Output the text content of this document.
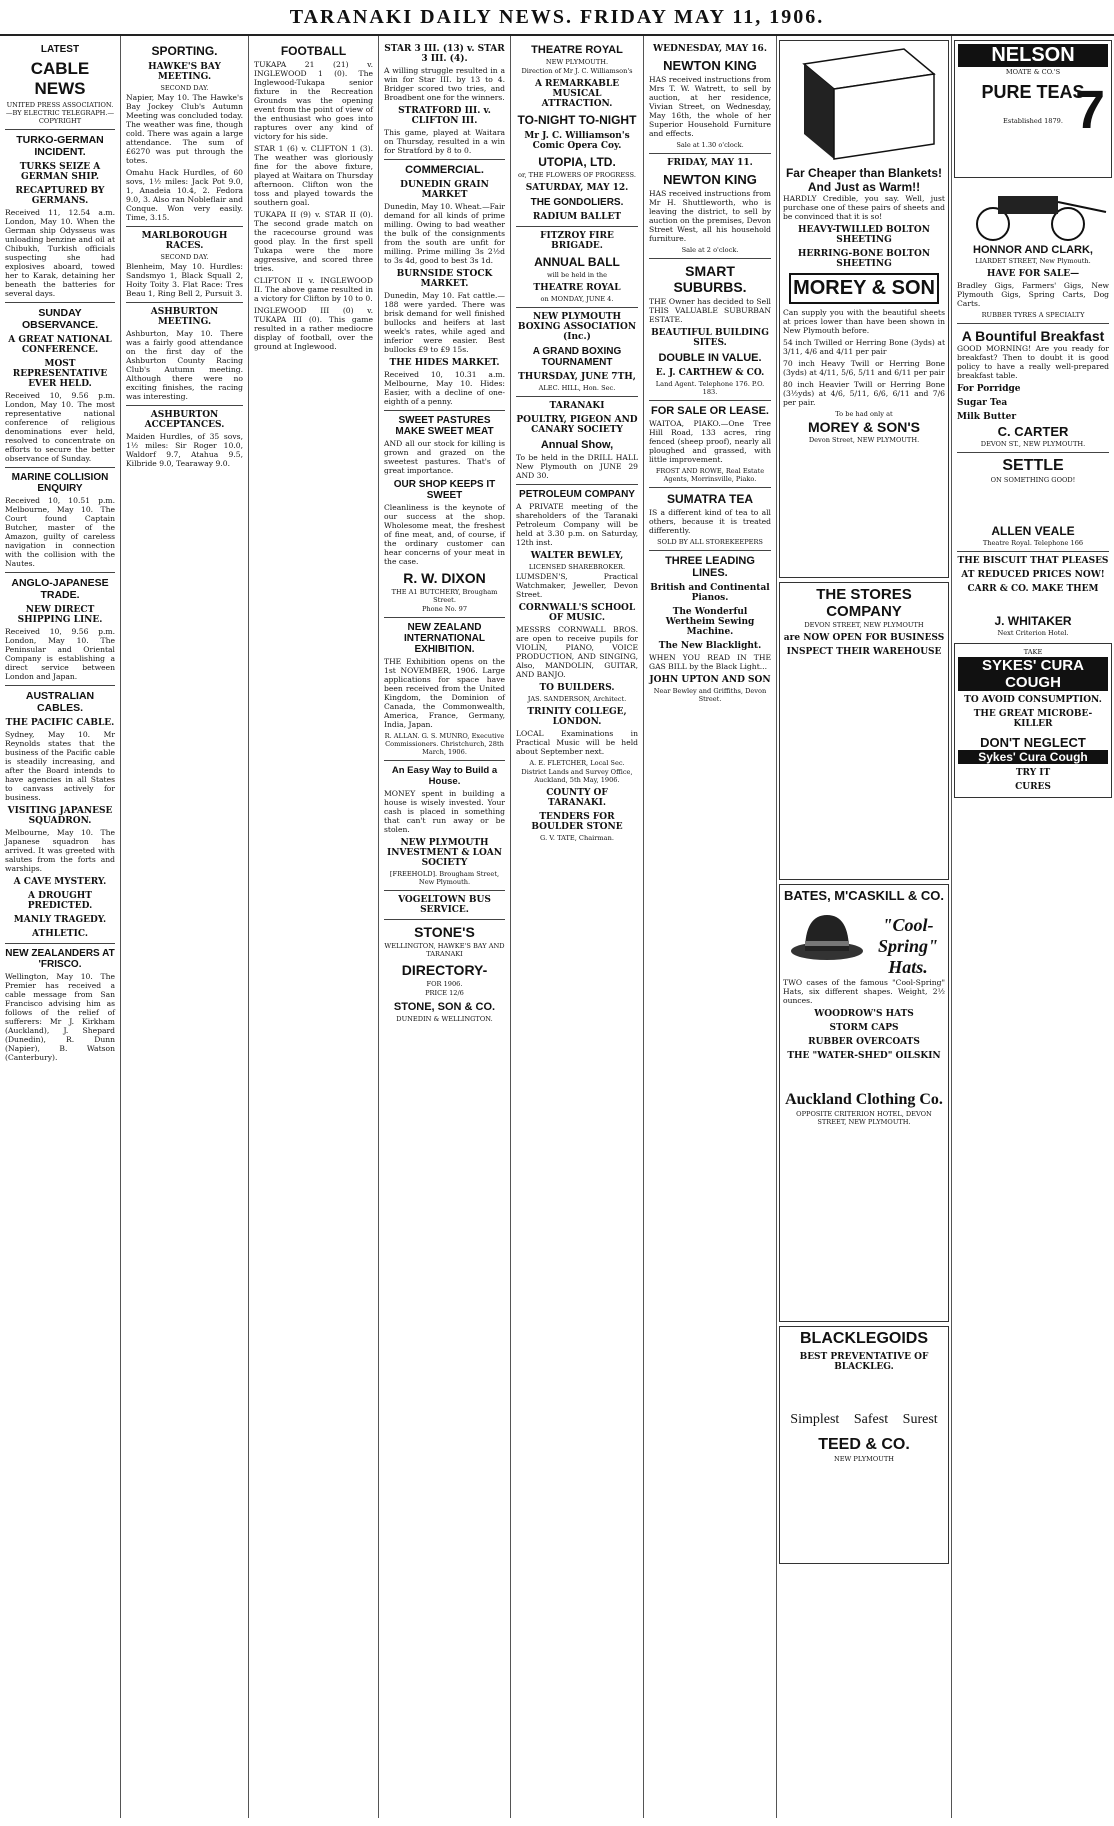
TARANAKI DAILY NEWS. FRIDAY MAY 11, 1906.
LATEST
CABLE NEWS
UNITED PRESS ASSOCIATION.—BY ELECTRIC TELEGRAPH.—COPYRIGHT
TURKO-GERMAN INCIDENT.
TURKS SEIZE A GERMAN SHIP.
RECAPTURED BY GERMANS.

Received 11, 12.54 a.m. London, May 10. When the German ship Odysseus was unloading benzine and oil at Chibukh, Turkish officials suspecting she had explosives aboard, towed her to Karak, detaining her beneath the batteries for several days.

SUNDAY OBSERVANCE.
A GREAT NATIONAL CONFERENCE.
MOST REPRESENTATIVE EVER HELD.

Received 10, 9.56 p.m. London, May 10. The most representative national conference of religious denominations ever held, resolved to concentrate on efforts to secure the better observance of Sunday.

MARINE COLLISION ENQUIRY

Received 10, 10.51 p.m. Melbourne, May 10. The Court found Captain Butcher, master of the Amazon, guilty of careless navigation in connection with the collision with the Nautes.

ANGLO-JAPANESE TRADE.
NEW DIRECT SHIPPING LINE.

Received 10, 9.56 p.m. London, May 10. The Peninsular and Oriental Company is establishing a direct service between London and Japan.

AUSTRALIAN CABLES.
THE PACIFIC CABLE.

Sydney, May 10. Mr Reynolds states that the business of the Pacific cable is steadily increasing, and after the Board intends to have agencies in all States to canvass actively for business.

VISITING JAPANESE SQUADRON.

Melbourne, May 10. The Japanese squadron has arrived. It was greeted with salutes from the forts and warships.

A CAVE MYSTERY.
A DROUGHT PREDICTED.
MANLY TRAGEDY.
ATHLETIC.
NEW ZEALANDERS AT 'FRISCO.

Wellington, May 10. The Premier has received a cable message from San Francisco advising him as follows of the relief of sufferers: Mr J. Kirkham (Auckland), J. Shepard (Dunedin), R. Dunn (Napier), B. Watson (Canterbury).

SPORTING.
HAWKE'S BAY MEETING.
SECOND DAY.

Napier, May 10. The Hawke's Bay Jockey Club's Autumn Meeting was concluded today. The weather was fine, though cold. There was again a large attendance. The sum of £6270 was put through the totes.

Omahu Hack Hurdles, of 60 sovs, 1½ miles: Jack Pot 9.0, 1, Anadeia 10.4, 2. Fedora 9.0, 3. Also ran Nobleflair and Conque. Won very easily. Time, 3.15.

MARLBOROUGH RACES.
SECOND DAY.

Blenheim, May 10. Hurdles: Sandsmyo 1, Black Squall 2, Hoity Toity 3. Flat Race: Tres Beau 1, Ring Bell 2, Pursuit 3.

ASHBURTON MEETING.

Ashburton, May 10. There was a fairly good attendance on the first day of the Ashburton County Racing Club's Autumn meeting. Although there were no exciting finishes, the racing was interesting.

ASHBURTON ACCEPTANCES.

Maiden Hurdles, of 35 sovs, 1½ miles: Sir Roger 10.0, Waldorf 9.7, Atahua 9.5, Kilbride 9.0, Tearaway 9.0.

FOOTBALL

TUKAPA 21 (21) v. INGLEWOOD 1 (0). The Inglewood-Tukapa senior fixture in the Recreation Grounds was the opening event from the point of view of the enthusiast who goes into raptures over any kind of victory for his side.

STAR 1 (6) v. CLIFTON 1 (3). The weather was gloriously fine for the above fixture, played at Waitara on Thursday afternoon. Clifton won the toss and played towards the southern goal.

TUKAPA II (9) v. STAR II (0). The second grade match on the racecourse ground was good play. In the first spell Tukapa were the more aggressive, and scored three tries.

CLIFTON II v. INGLEWOOD II. The above game resulted in a victory for Clifton by 10 to 0.

INGLEWOOD III (0) v. TUKAPA III (0). This game resulted in a rather mediocre display of football, over the ground at Inglewood.

STAR 3 III. (13) v. STAR 3 III. (4).

A willing struggle resulted in a win for Star III. by 13 to 4. Bridger scored two tries, and Broadbent one for the winners.

STRATFORD III. v. CLIFTON III.

This game, played at Waitara on Thursday, resulted in a win for Stratford by 8 to 0.

COMMERCIAL.
DUNEDIN GRAIN MARKET

Dunedin, May 10. Wheat.—Fair demand for all kinds of prime milling. Owing to bad weather the bulk of the consignments from the south are unfit for milling. Prime milling 3s 2½d to 3s 4d, good to best 3s 1d.

BURNSIDE STOCK MARKET.

Dunedin, May 10. Fat cattle.—188 were yarded. There was brisk demand for well finished bullocks and heifers at last week's rates, while aged and inferior were easier. Best bullocks £9 to £9 15s.

THE HIDES MARKET.

Received 10, 10.31 a.m. Melbourne, May 10. Hides: Easier, with a decline of one-eighth of a penny.

SWEET PASTURES MAKE SWEET MEAT

AND all our stock for killing is grown and grazed on the sweetest pastures. That's of great importance.

OUR SHOP KEEPS IT SWEET

Cleanliness is the keynote of our success at the shop. Wholesome meat, the freshest of fine meat, and, of course, if the ordinary customer can hear concerns of your meat in the case.

R. W. DIXON
THE A1 BUTCHERY, Brougham Street.
Phone No. 97
NEW ZEALAND INTERNATIONAL EXHIBITION.

THE Exhibition opens on the 1st NOVEMBER, 1906. Large applications for space have been received from the United Kingdom, the Dominion of Canada, the Commonwealth, America, France, Germany, India, Japan.

R. ALLAN. G. S. MUNRO, Executive Commissioners. Christchurch, 28th March, 1906.
An Easy Way to Build a House.

MONEY spent in building a house is wisely invested. Your cash is placed in something that can't run away or be stolen.

NEW PLYMOUTH INVESTMENT & LOAN SOCIETY
[FREEHOLD]. Brougham Street, New Plymouth.
VOGELTOWN BUS SERVICE.
STONE'S
WELLINGTON, HAWKE'S BAY AND TARANAKI
DIRECTORY-
FOR 1906.
PRICE 12/6
STONE, SON & CO.
DUNEDIN & WELLINGTON.
THEATRE ROYAL
NEW PLYMOUTH.
Direction of Mr J. C. Williamson's
A REMARKABLE MUSICAL ATTRACTION.
TO-NIGHT TO-NIGHT
Mr J. C. Williamson's Comic Opera Coy.
UTOPIA, LTD.
or, THE FLOWERS OF PROGRESS.
SATURDAY, MAY 12.
THE GONDOLIERS.
RADIUM BALLET
FITZROY FIRE BRIGADE.
ANNUAL BALL
will be held in the
THEATRE ROYAL
on MONDAY, JUNE 4.
NEW PLYMOUTH BOXING ASSOCIATION (Inc.)
A GRAND BOXING TOURNAMENT
THURSDAY, JUNE 7TH,
ALEC. HILL, Hon. Sec.
TARANAKI
POULTRY, PIGEON AND CANARY SOCIETY
Annual Show,

To be held in the DRILL HALL New Plymouth on JUNE 29 AND 30.

PETROLEUM COMPANY

A PRIVATE meeting of the shareholders of the Taranaki Petroleum Company will be held at 3.30 p.m. on Saturday, 12th inst.

WALTER BEWLEY,
LICENSED SHAREBROKER.

LUMSDEN'S, Practical Watchmaker, Jeweller, Devon Street.

CORNWALL'S SCHOOL OF MUSIC.

MESSRS CORNWALL BROS. are open to receive pupils for VIOLIN, PIANO, VOICE PRODUCTION, AND SINGING, Also, MANDOLIN, GUITAR, AND BANJO.

TO BUILDERS.
JAS. SANDERSON, Architect.
TRINITY COLLEGE, LONDON.

LOCAL Examinations in Practical Music will be held about September next.

A. E. FLETCHER, Local Sec.
District Lands and Survey Office, Auckland, 5th May, 1906.
COUNTY OF TARANAKI.
TENDERS FOR BOULDER STONE
G. V. TATE, Chairman.
WEDNESDAY, MAY 16.
NEWTON KING

HAS received instructions from Mrs T. W. Watrett, to sell by auction, at her residence, Vivian Street, on Wednesday, May 16th, the whole of her Superior Household Furniture and effects.

Sale at 1.30 o'clock.
FRIDAY, MAY 11.
NEWTON KING

HAS received instructions from Mr H. Shuttleworth, who is leaving the district, to sell by auction on the premises, Devon Street West, all his household furniture.

Sale at 2 o'clock.
SMART SUBURBS.

THE Owner has decided to Sell THIS VALUABLE SUBURBAN ESTATE.

BEAUTIFUL BUILDING SITES.
DOUBLE IN VALUE.
E. J. CARTHEW & CO.
Land Agent. Telephone 176. P.O. 183.
FOR SALE OR LEASE.

WAITOA, PIAKO.—One Tree Hill Road, 133 acres, ring fenced (sheep proof), nearly all ploughed and grassed, with little improvement.

FROST AND ROWE, Real Estate Agents, Morrinsville, Piako.
SUMATRA TEA

IS a different kind of tea to all others, because it is treated differently.

SOLD BY ALL STOREKEEPERS
THREE LEADING LINES.
British and Continental Pianos.
The Wonderful Wertheim Sewing Machine.
The New Blacklight.

WHEN YOU READ IN THE GAS BILL by the Black Light...

JOHN UPTON AND SON
Near Bewley and Griffiths, Devon Street.
Far Cheaper than Blankets!
And Just as Warm!!

HARDLY Credible, you say. Well, just purchase one of these pairs of sheets and be convinced that it is so!

HEAVY-TWILLED BOLTON SHEETING
HERRING-BONE BOLTON SHEETING
MOREY & SON

Can supply you with the beautiful sheets at prices lower than have been shown in New Plymouth before.

54 inch Twilled or Herring Bone (3yds) at 3/11, 4/6 and 4/11 per pair

70 inch Heavy Twill or Herring Bone (3yds) at 4/11, 5/6, 5/11 and 6/11 per pair

80 inch Heavier Twill or Herring Bone (3½yds) at 4/6, 5/11, 6/6, 6/11 and 7/6 per pair.

To be had only at
MOREY & SON'S
Devon Street, NEW PLYMOUTH.
THE STORES COMPANY
DEVON STREET, NEW PLYMOUTH
are NOW OPEN FOR BUSINESS
INSPECT THEIR WAREHOUSE
BATES, M'CASKILL & CO.
"Cool-Spring" Hats.

TWO cases of the famous "Cool-Spring" Hats, six different shapes. Weight, 2½ ounces.

WOODROW'S HATS
STORM CAPS
RUBBER OVERCOATS
THE "WATER-SHED" OILSKIN
Auckland Clothing Co.
OPPOSITE CRITERION HOTEL, DEVON STREET, NEW PLYMOUTH.
BLACKLEGOIDS
BEST PREVENTATIVE OF BLACKLEG.
Simplest Safest Surest
TEED & CO.
NEW PLYMOUTH
NELSON
MOATE & CO.'S
PURE TEAS
7
Established 1879.
HONNOR AND CLARK,
LIARDET STREET, New Plymouth.
HAVE FOR SALE—

Bradley Gigs, Farmers' Gigs, New Plymouth Gigs, Spring Carts, Dog Carts.

RUBBER TYRES A SPECIALTY
A Bountiful Breakfast

GOOD MORNING! Are you ready for breakfast? Then to doubt it is good policy to have a really well-prepared breakfast table.

For Porridge
Sugar Tea
Milk Butter
C. CARTER
DEVON ST., NEW PLYMOUTH.
SETTLE
ON SOMETHING GOOD!
ALLEN VEALE
Theatre Royal. Telephone 166
THE BISCUIT THAT PLEASES
AT REDUCED PRICES NOW!
CARR & CO. MAKE THEM
J. WHITAKER
Next Criterion Hotel.
TAKE
SYKES' CURA COUGH
TO AVOID CONSUMPTION.
THE GREAT MICROBE-KILLER
DON'T NEGLECT
Sykes' Cura Cough
TRY IT
CURES
